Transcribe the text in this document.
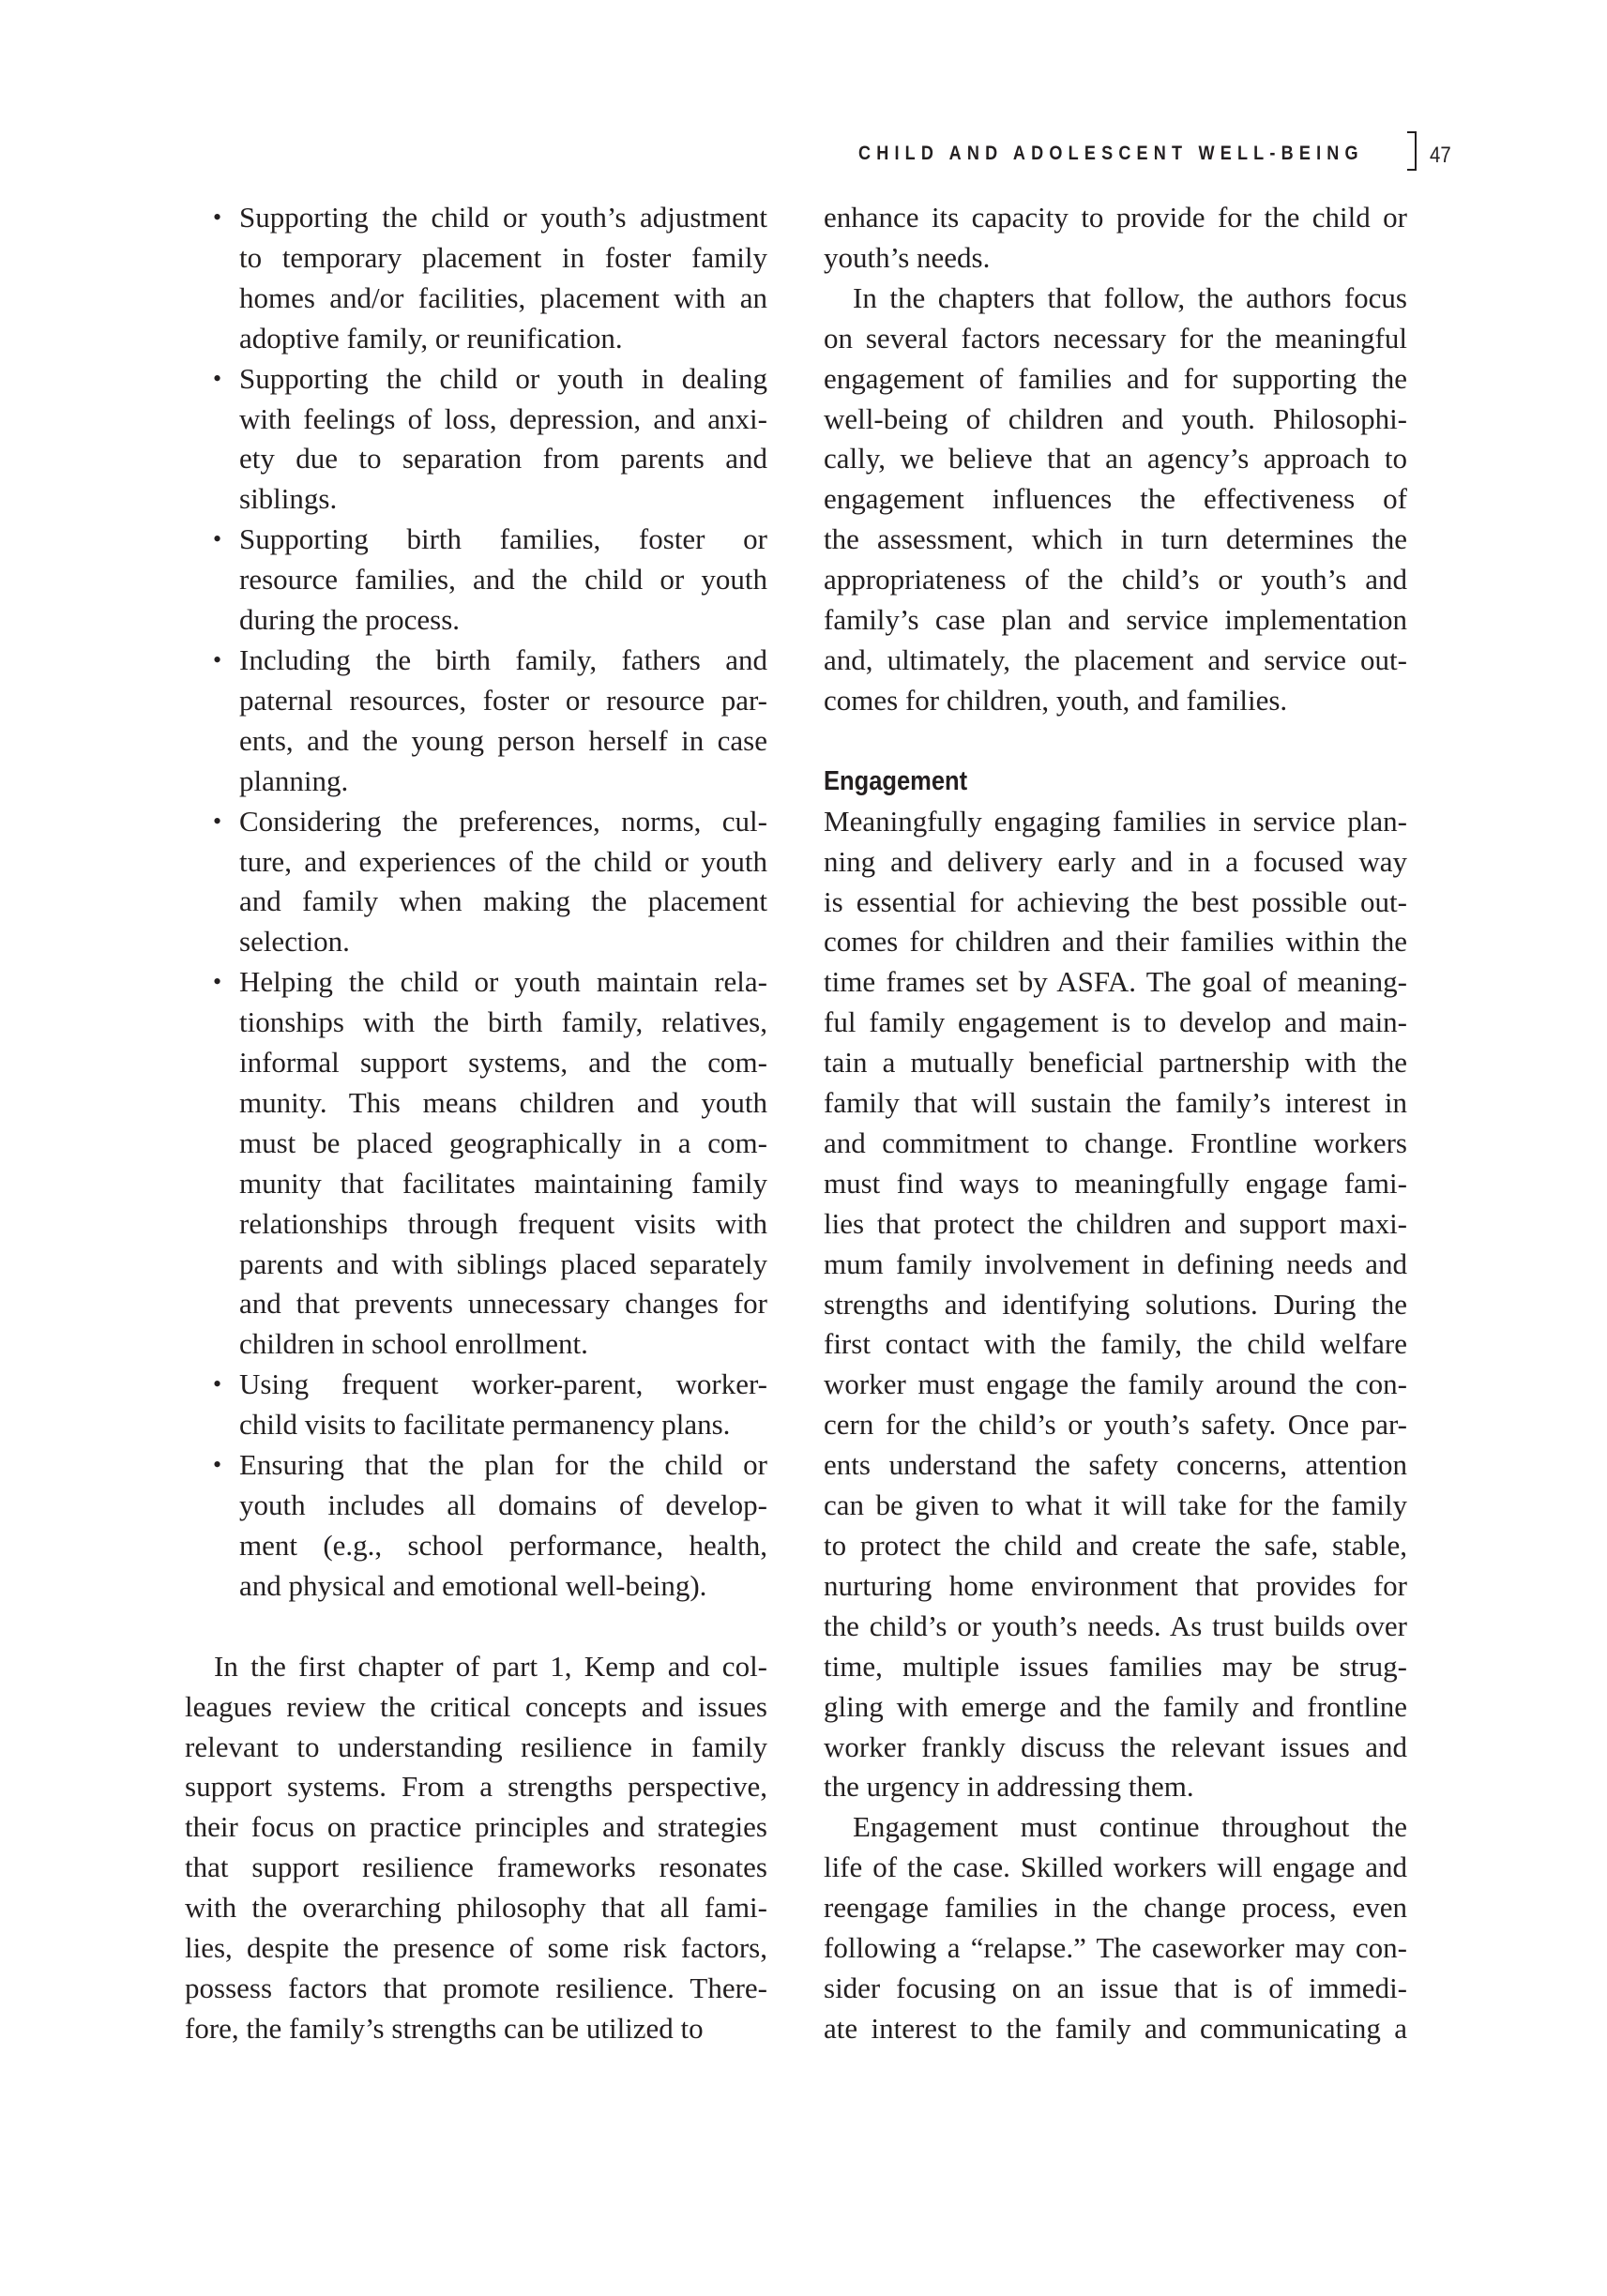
CHILD AND ADOLESCENT WELL-BEING	47
• Supporting the child or youth’s adjustment
to temporary placement in foster family
homes and/or facilities, placement with an
adoptive family, or reunification.
• Supporting the child or youth in dealing
with feelings of loss, depression, and anxi-
ety due to separation from parents and
siblings.
• Supporting birth families, foster or
resource families, and the child or youth
during the process.
• Including the birth family, fathers and
paternal resources, foster or resource par-
ents, and the young person herself in case
planning.
• Considering the preferences, norms, cul-
ture, and experiences of the child or youth
and family when making the placement
selection.
• Helping the child or youth maintain rela-
tionships with the birth family, relatives,
informal support systems, and the com-
munity. This means children and youth
must be placed geographically in a com-
munity that facilitates maintaining family
relationships through frequent visits with
parents and with siblings placed separately
and that prevents unnecessary changes for
children in school enrollment.
• Using frequent worker-parent, worker-
child visits to facilitate permanency plans.
• Ensuring that the plan for the child or
youth includes all domains of develop-
ment (e.g., school performance, health,
and physical and emotional well-being).

In the first chapter of part 1, Kemp and col-
leagues review the critical concepts and issues
relevant to understanding resilience in family
support systems. From a strengths perspective,
their focus on practice principles and strategies
that support resilience frameworks resonates
with the overarching philosophy that all fami-
lies, despite the presence of some risk factors,
possess factors that promote resilience. There-
fore, the family’s strengths can be utilized to

enhance its capacity to provide for the child or
youth’s needs.

In the chapters that follow, the authors focus
on several factors necessary for the meaningful
engagement of families and for supporting the
well-being of children and youth. Philosophi-
cally, we believe that an agency’s approach to
engagement influences the effectiveness of
the assessment, which in turn determines the
appropriateness of the child’s or youth’s and
family’s case plan and service implementation
and, ultimately, the placement and service out-
comes for children, youth, and families.

Engagement

Meaningfully engaging families in service plan-
ning and delivery early and in a focused way
is essential for achieving the best possible out-
comes for children and their families within the
time frames set by ASFA. The goal of meaning-
ful family engagement is to develop and main-
tain a mutually beneficial partnership with the
family that will sustain the family’s interest in
and commitment to change. Frontline workers
must find ways to meaningfully engage fami-
lies that protect the children and support maxi-
mum family involvement in defining needs and
strengths and identifying solutions. During the
first contact with the family, the child welfare
worker must engage the family around the con-
cern for the child’s or youth’s safety. Once par-
ents understand the safety concerns, attention
can be given to what it will take for the family
to protect the child and create the safe, stable,
nurturing home environment that provides for
the child’s or youth’s needs. As trust builds over
time, multiple issues families may be strug-
gling with emerge and the family and frontline
worker frankly discuss the relevant issues and
the urgency in addressing them.

Engagement must continue throughout the
life of the case. Skilled workers will engage and
reengage families in the change process, even
following a “relapse.” The caseworker may con-
sider focusing on an issue that is of immedi-
ate interest to the family and communicating a
